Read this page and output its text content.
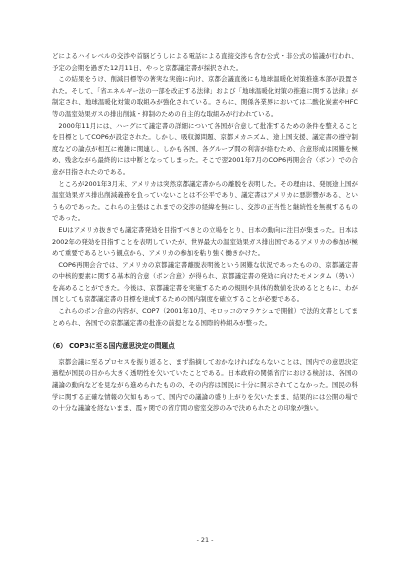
どによるハイレベルの交渉や首脳どうしによる電話による直接交渉も含む公式・非公式の協議が行われ、予定の会期を過ぎた12月11日、やっと京都議定書が採択された。

この結果をうけ、削減目標等の著実な実施に向け、京都会議直後にも地球温暖化対策推進本部が設置された。そして、「省エネルギー法の一部を改正する法律」および「地球温暖化対策の推進に関する法律」が制定され、地球温暖化対策の取組みが強化されている。さらに、関係各業界においては二酸化炭素やHFC等の温室効果ガスの排出削減・抑制のための自主的な取組みが行われている。

2000年11月には、ハーグにて議定書の詳細について各国が合意して批准するための条件を整えることを目標としてCOP6が設定された。しかし、吸収源問題、京都メカニズム、途上国支援、議定書の遵守制度などの論点が相互に複雑に関連し、しかも各国、各グループ間の利害が絡むため、合意形成は困難を極め、残念ながら最終的には中断となってしまった。そこで翌2001年7月のCOP6再開会合（ボン）での合意が目指されたのである。

ところが2001年3月末、アメリカは突然京都議定書からの離脱を表明した。その理由は、発展途上国が温室効果ガス排出削減義務を負っていないことは不公平であり、議定書はアメリカに悪影響がある、というものであった。これらの主張はこれまでの交渉の経緯を無にし、交渉の正当性と継続性を無視するものであった。

EUはアメリカ抜きでも議定書発効を目指すべきとの立場をとり、日本の動向に注目が集まった。日本は2002年の発効を目指すことを表明していたが、世界最大の温室効果ガス排出国であるアメリカの参加が極めて重要であるという観点から、アメリカの参加を粘り強く働きかけた。

COP6再開会合では、アメリカの京都議定書離脱表明後という困難な状況であったものの、京都議定書の中核的要素に関する基本的合意（ボン合意）が得られ、京都議定書の発効に向けたモメンタム（勢い）を高めることができた。今後は、京都議定書を実施するための規則や具体的数値を決めるとともに、わが国としても京都議定書の目標を達成するための国内制度を確立することが必要である。

これらのボン合意の内容が、COP7（2001年10月、モロッコのマラケシュで開催）で法的文書としてまとめられ、各国での京都議定書の批准の前提となる国際的枠組みが整った。

（6） COP3に至る国内意思決定の問題点

京都会議に至るプロセスを振り返ると、まず指摘しておかなければならないことは、国内での意思決定過程が国民の目から大きく透明性を欠いていたことである。日本政府の関係省庁における検討は、各国の議論の動向などを見ながら進められたものの、その内容は国民に十分に開示されてこなかった。国民の科学に関する正確な情報の欠如もあって、国内での議論の盛り上がりを欠いたまま、結果的には公開の場での十分な議論を経ないまま、霞ヶ関での省庁間の密室交渉のみで決められたとの印象が強い。

- 21 -
